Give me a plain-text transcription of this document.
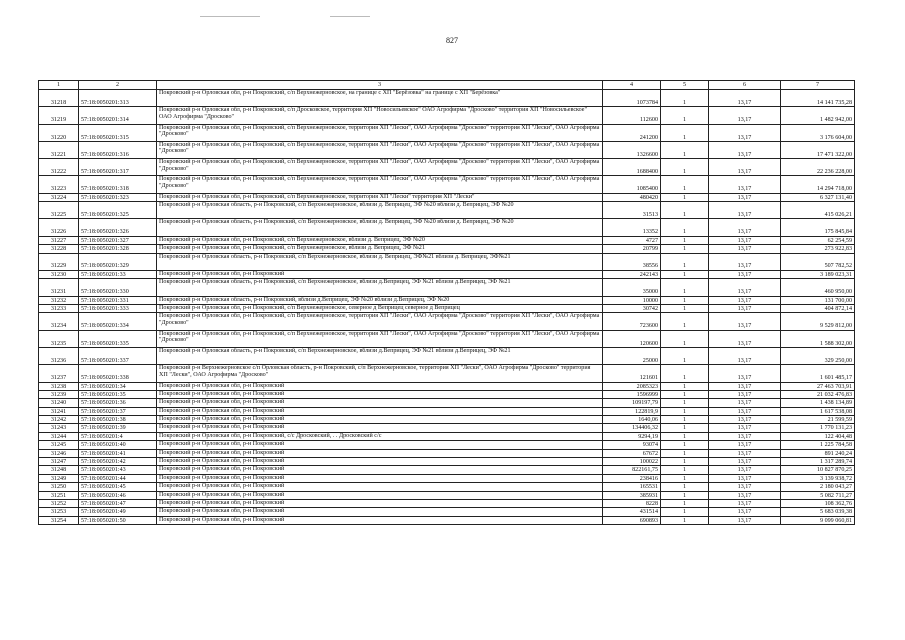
827
1	2	3	4	5	6	7
31218	57:18:0050201:313	Покровский р-н Орловская обл, р-н Покровский, с/п Верхнежерновское, на границе с ХП "Берёзовка" на границе с ХП "Берёзовка"	1073784	1	13,17	14 141 735,28
31219	57:18:0050201:314	Покровский р-н Орловская обл, р-н Покровский, с/п Дросковское, территория ХП "Новосильевское" ОАО Агрофирма "Дросково" территория ХП "Новосильевское" ОАО Агрофирма "Дросково"	112600	1	13,17	1 482 942,00
31220	57:18:0050201:315	Покровский р-н Орловская обл, р-н Покровский, с/п Верхнежерновское, территория ХП "Лески", ОАО Агрофирма "Дросково" территория ХП "Лески", ОАО Агрофирма "Дросково"	241200	1	13,17	3 176 604,00
31221	57:18:0050201:316	Покровский р-н Орловская обл, р-н Покровский, с/п Верхнежерновское, территория ХП "Лески", ОАО Агрофирма "Дросково" территория ХП "Лески", ОАО Агрофирма "Дросково"	1326600	1	13,17	17 471 322,00
31222	57:18:0050201:317	Покровский р-н Орловская обл, р-н Покровский, с/п Верхнежерновское, территория ХП "Лески", ОАО Агрофирма "Дросково" территория ХП "Лески", ОАО Агрофирма "Дросково"	1688400	1	13,17	22 236 228,00
31223	57:18:0050201:318	Покровский р-н Орловская обл, р-н Покровский, с/п Верхнежерновское, территория ХП "Лески", ОАО Агрофирма "Дросково" территория ХП "Лески", ОАО Агрофирма "Дросково"	1085400	1	13,17	14 294 718,00
31224	57:18:0050201:323	Покровский р-н Орловская обл, р-н Покровский, с/п Верхнежерновское, территория ХП "Лески" территория ХП "Лески"	480420	1	13,17	6 327 131,40
31225	57:18:0050201:325	Покровский р-н Орловская область, р-н Покровский, с/п Верхнежерновское, вблизи д. Веприцец, ЭФ №20 вблизи д. Веприцец, ЭФ №20	31513	1	13,17	415 026,21
31226	57:18:0050201:326	Покровский р-н Орловская область, р-н Покровский, с/п Верхнежерновское, вблизи д. Веприцец, ЭФ №20 вблизи д. Веприцец, ЭФ №20	13352	1	13,17	175 845,84
31227	57:18:0050201:327	Покровский р-н Орловская обл, р-н Покровский, с/п Верхнежерновское, вблизи д. Веприцец, ЭФ №20	4727	1	13,17	62 254,59
31228	57:18:0050201:328	Покровский р-н Орловская обл, р-н Покровский, с/п Верхнежерновское, вблизи д. Веприцец, ЭФ №21	20799	1	13,17	273 922,83
31229	57:18:0050201:329	Покровский р-н Орловская область, р-н Покровский, с/п Верхнежерновское, вблизи д. Веприцец, ЭФ№21 вблизи д. Веприцец, ЭФ№21	38556	1	13,17	507 782,52
31230	57:18:0050201:33	Покровский р-н Орловская обл, р-н Покровский	242143	1	13,17	3 189 023,31
31231	57:18:0050201:330	Покровский р-н Орловская область, р-н Покровский, с/п Верхнежерновское, вблизи д.Веприцец, ЭФ №21 вблизи д.Веприцец, ЭФ №21	35000	1	13,17	460 950,00
31232	57:18:0050201:331	Покровский р-н Орловская область, р-н Покровский, вблизи д.Веприцец, ЭФ №20 вблизи д.Веприцец, ЭФ №20	10000	1	13,17	131 700,00
31233	57:18:0050201:333	Покровский р-н Орловская обл, р-н Покровский, с/п Верхнежерновское, северное д Веприцец северное д Веприцец	30742	1	13,17	404 872,14
31234	57:18:0050201:334	Покровский р-н Орловская обл, р-н Покровский, с/п Верхнежерновское, территория ХП "Лески", ОАО Агрофирма "Дросково" территория ХП "Лески", ОАО Агрофирма "Дросково"	723600	1	13,17	9 529 812,00
31235	57:18:0050201:335	Покровский р-н Орловская обл, р-н Покровский, с/п Верхнежерновское, территория ХП "Лески", ОАО Агрофирма "Дросково" территория ХП "Лески", ОАО Агрофирма "Дросково"	120600	1	13,17	1 588 302,00
31236	57:18:0050201:337	Покровский р-н Орловская область, р-н Покровский, с/п Верхнежерновское, вблизи д.Веприцец, ЭФ №21 вблизи д.Веприцец, ЭФ №21	25000	1	13,17	329 250,00
31237	57:18:0050201:338	Покровский р-н Верхнежерновское с/п Орловская область, р-н Покровский, с/п Верхнежерновское, территория ХП "Лески", ОАО Агрофирма "Дросково" территория ХП "Лески", ОАО Агрофирма "Дросково"	121601	1	13,17	1 601 485,17
31238	57:18:0050201:34	Покровский р-н Орловская обл, р-н Покровский	2085323	1	13,17	27 463 703,91
31239	57:18:0050201:35	Покровский р-н Орловская обл, р-н Покровский	1596999	1	13,17	21 032 476,83
31240	57:18:0050201:36	Покровский р-н Орловская обл, р-н Покровский	109197,79	1	13,17	1 438 134,89
31241	57:18:0050201:37	Покровский р-н Орловская обл, р-н Покровский	122819,9	1	13,17	1 617 538,08
31242	57:18:0050201:38	Покровский р-н Орловская обл, р-н Покровский	1640,06	1	13,17	21 599,59
31243	57:18:0050201:39	Покровский р-н Орловская обл, р-н Покровский	134406,32	1	13,17	1 770 131,23
31244	57:18:0050201:4	Покровский р-н Орловская обл, р-н Покровский, с/с Дросковский, . . Дросковский с/с	9294,19	1	13,17	122 404,48
31245	57:18:0050201:40	Покровский р-н Орловская обл, р-н Покровский	93074	1	13,17	1 225 784,58
31246	57:18:0050201:41	Покровский р-н Орловская обл, р-н Покровский	67672	1	13,17	891 240,24
31247	57:18:0050201:42	Покровский р-н Орловская обл, р-н Покровский	100022	1	13,17	1 317 289,74
31248	57:18:0050201:43	Покровский р-н Орловская обл, р-н Покровский	822161,75	1	13,17	10 827 870,25
31249	57:18:0050201:44	Покровский р-н Орловская обл, р-н Покровский	238416	1	13,17	3 139 938,72
31250	57:18:0050201:45	Покровский р-н Орловская обл, р-н Покровский	165531	1	13,17	2 180 043,27
31251	57:18:0050201:46	Покровский р-н Орловская обл, р-н Покровский	385931	1	13,17	5 082 711,27
31252	57:18:0050201:47	Покровский р-н Орловская обл, р-н Покровский	8228	1	13,17	108 362,76
31253	57:18:0050201:49	Покровский р-н Орловская обл, р-н Покровский	431514	1	13,17	5 683 039,38
31254	57:18:0050201:50	Покровский р-н Орловская обл, р-н Покровский	690893	1	13,17	9 099 060,81
